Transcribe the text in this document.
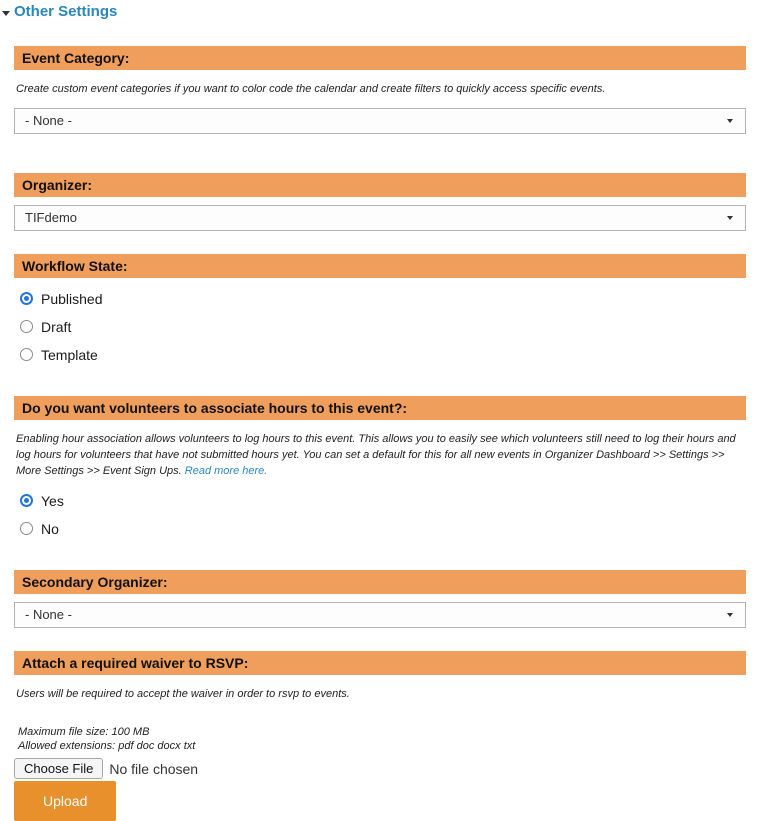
Other Settings
Event Category:
Create custom event categories if you want to color code the calendar and create filters to quickly access specific events.
- None -
Organizer:
TIFdemo
Workflow State:
Published
Draft
Template
Do you want volunteers to associate hours to this event?:
Enabling hour association allows volunteers to log hours to this event. This allows you to easily see which volunteers still need to log their hours and log hours for volunteers that have not submitted hours yet. You can set a default for this for all new events in Organizer Dashboard >> Settings >> More Settings >> Event Sign Ups. Read more here.
Yes
No
Secondary Organizer:
- None -
Attach a required waiver to RSVP:
Users will be required to accept the waiver in order to rsvp to events.
Maximum file size: 100 MB
Allowed extensions: pdf doc docx txt
Choose File	No file chosen
Upload
